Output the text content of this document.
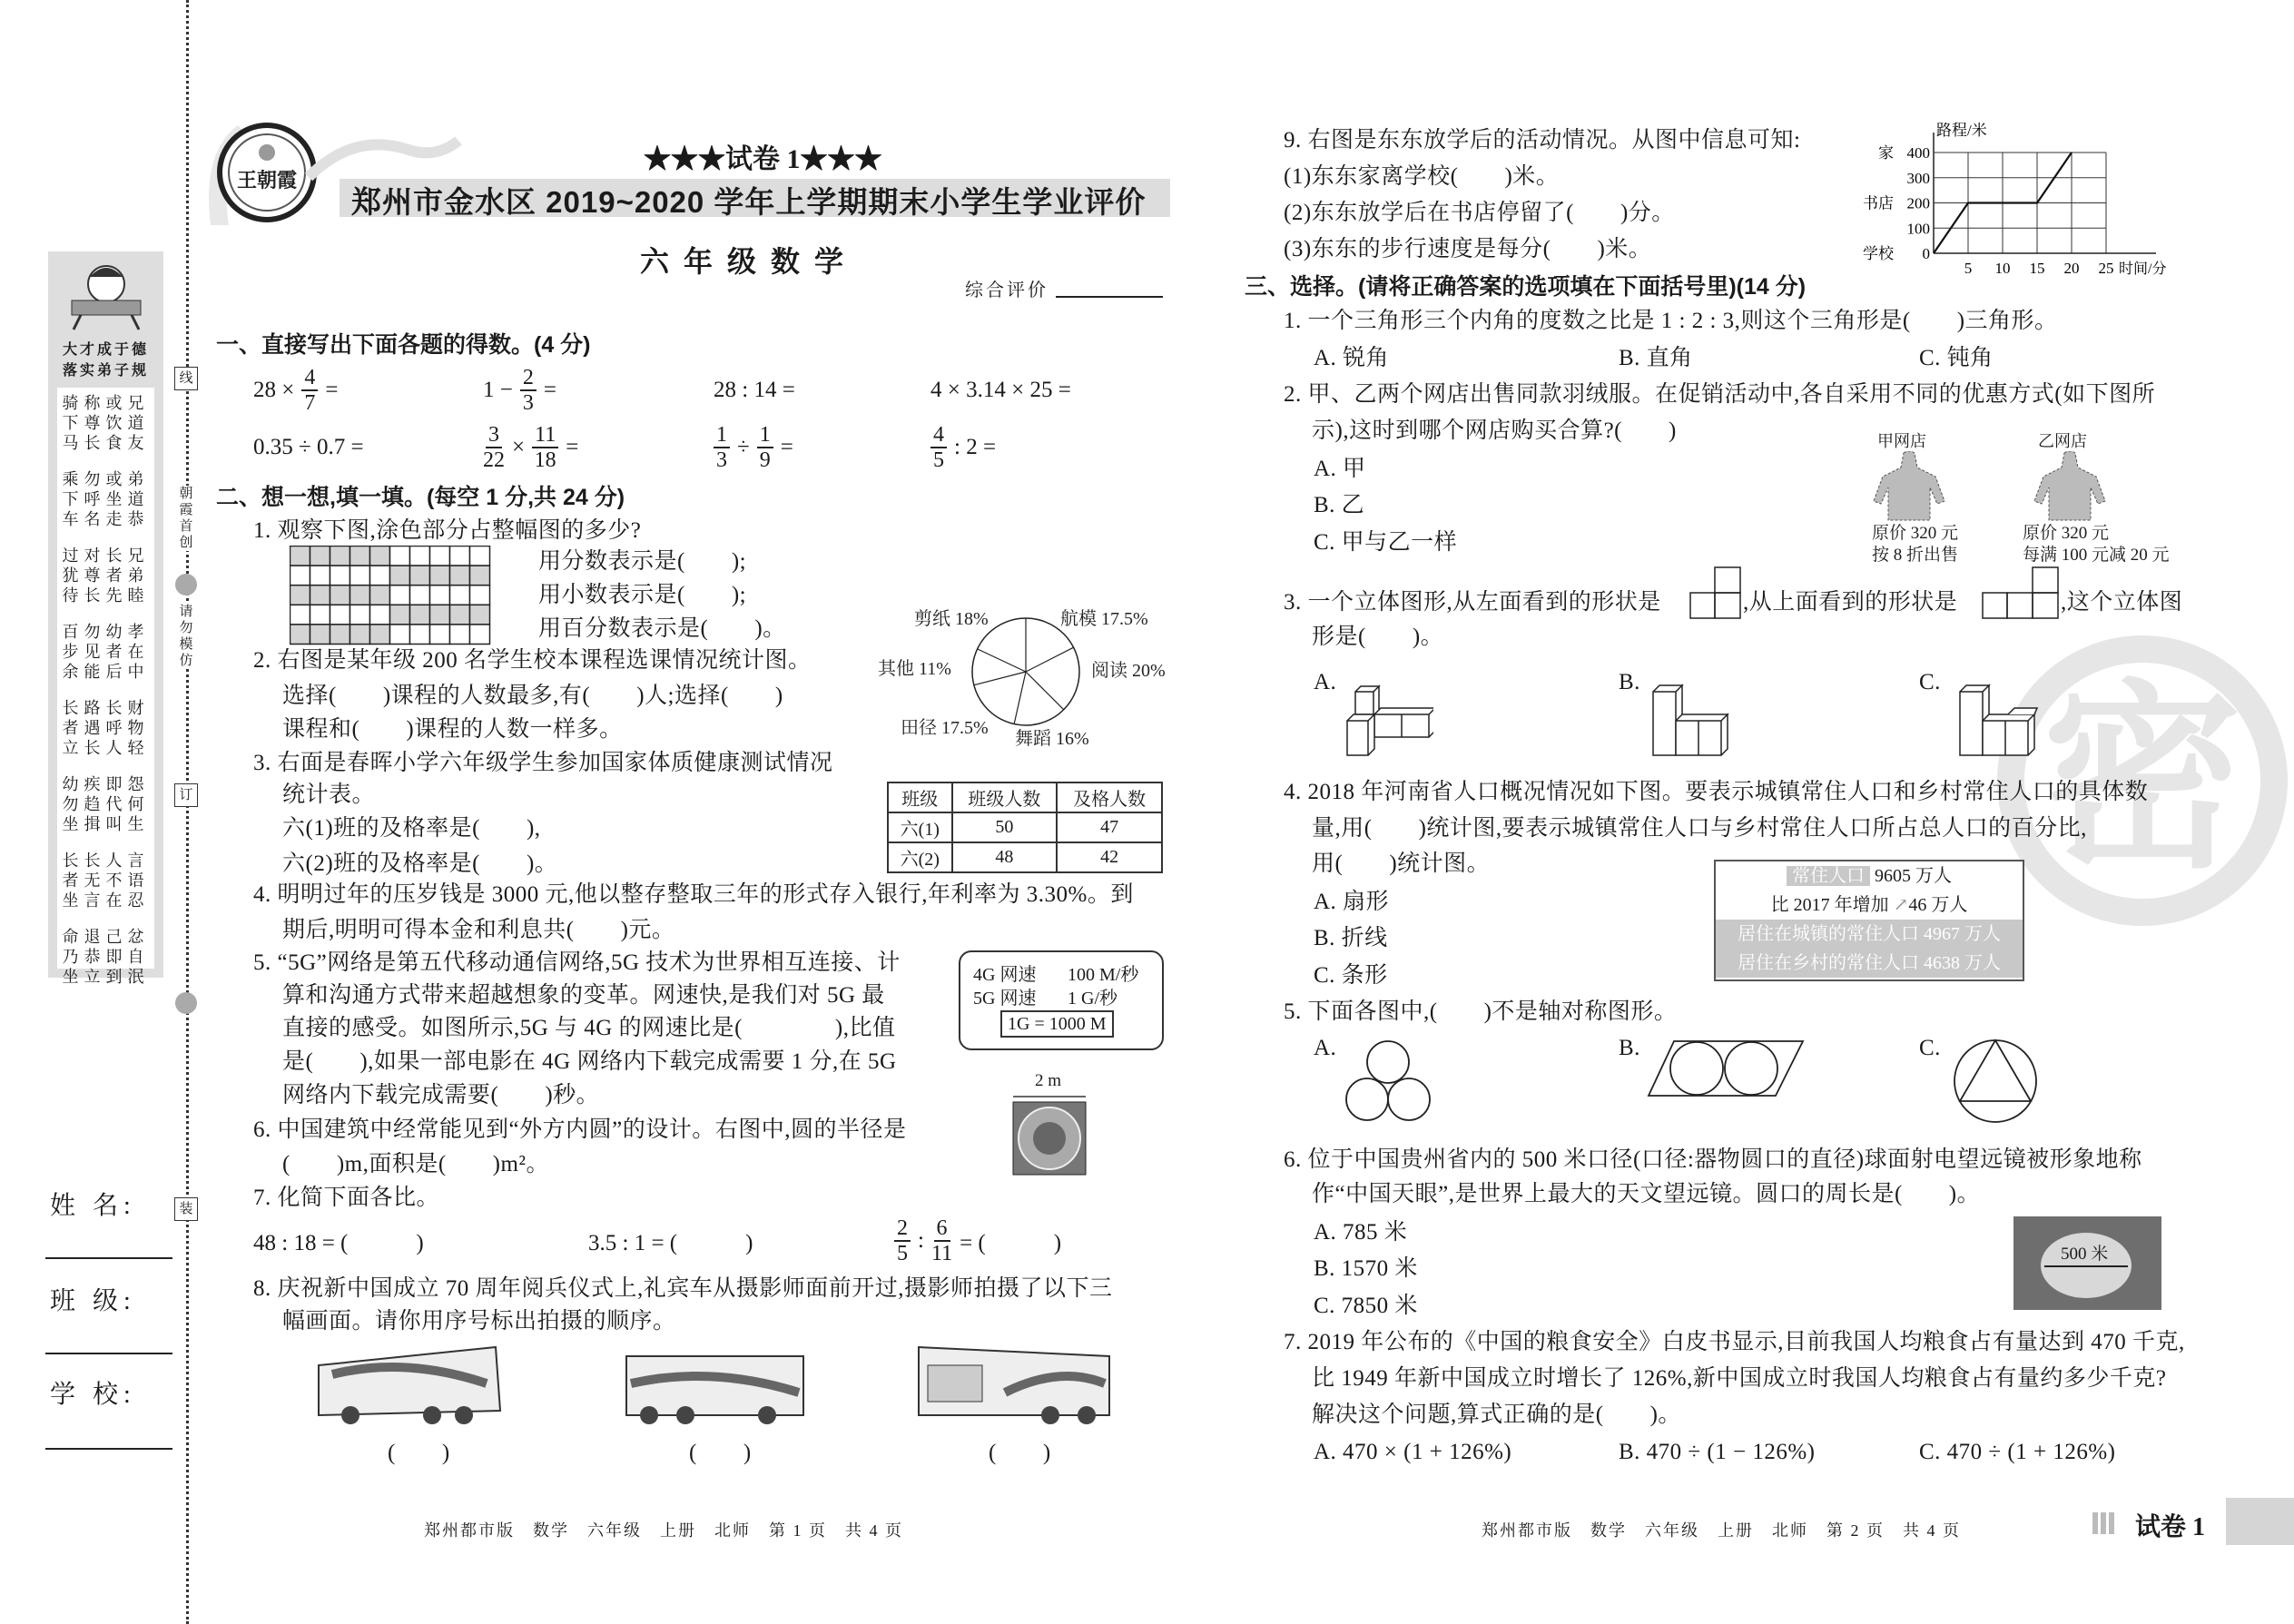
线
朝霞首创
请勿模仿
订
装
大才成于德
落实弟子规
骑称或兄
下尊饮道
马长食友
乘勿或弟
下呼坐道
车名走恭
过对长兄
犹尊者弟
待长先睦
百勿幼孝
步见者在
余能后中
长路长财
者遇呼物
立长人轻
幼疾即怨
勿趋代何
坐揖叫生
长长人言
者无不语
坐言在忍
命退己忿
乃恭即自
坐立到泯
姓 名:
班 级:
学 校:
王朝霞
★★★试卷 1★★★
郑州市金水区 2019~2020 学年上学期期末小学生学业评价
六 年 级 数 学
综合评价
一、直接写出下面各题的得数。(4 分)
二、想一想,填一填。(每空 1 分,共 24 分)
1. 观察下图,涂色部分占整幅图的多少?
用分数表示是(　　);
用小数表示是(　　);
用百分数表示是(　　)。
2. 右图是某年级 200 名学生校本课程选课情况统计图。
选择(　　)课程的人数最多,有(　　)人;选择(　　)
课程和(　　)课程的人数一样多。
航模 17.5%
阅读 20%
舞蹈 16%
田径 17.5%
其他 11%
剪纸 18%
3. 右面是春晖小学六年级学生参加国家体质健康测试情况
统计表。
六(1)班的及格率是(　　),
六(2)班的及格率是(　　)。
班级	班级人数	及格人数
六(1)	50	47
六(2)	48	42
4. 明明过年的压岁钱是 3000 元,他以整存整取三年的形式存入银行,年利率为 3.30%。到
期后,明明可得本金和利息共(　　)元。
5. “5G”网络是第五代移动通信网络,5G 技术为世界相互连接、计
算和沟通方式带来超越想象的变革。网速快,是我们对 5G 最
直接的感受。如图所示,5G 与 4G 的网速比是(　　　　),比值
是(　　),如果一部电影在 4G 网络内下载完成需要 1 分,在 5G
网络内下载完成需要(　　)秒。
4G 网速 100 M/秒
5G 网速 1 G/秒
1G = 1000 M
6. 中国建筑中经常能见到“外方内圆”的设计。右图中,圆的半径是
(　　)m,面积是(　　)m²。
2 m
7. 化简下面各比。
8. 庆祝新中国成立 70 周年阅兵仪式上,礼宾车从摄影师面前开过,摄影师拍摄了以下三
幅画面。请你用序号标出拍摄的顺序。
(　　)	(　　)	(　　)
郑州都市版　数学　六年级　上册　北师　第 1 页　共 4 页
密
9. 右图是东东放学后的活动情况。从图中信息可知:
(1)东东家离学校(　　)米。
(2)东东放学后在书店停留了(　　)分。
(3)东东的步行速度是每分(　　)米。
5 10 15 20 25
0
100
200
300
400
路程/米
时间/分
家
书店
学校
三、选择。(请将正确答案的选项填在下面括号里)(14 分)
1. 一个三角形三个内角的度数之比是 1 : 2 : 3,则这个三角形是(　　)三角形。
A. 锐角	B. 直角	C. 钝角
2. 甲、乙两个网店出售同款羽绒服。在促销活动中,各自采用不同的优惠方式(如下图所
示),这时到哪个网店购买合算?(　　)
A. 甲
B. 乙
C. 甲与乙一样
甲网店	乙网店
原价 320 元
按 8 折出售
原价 320 元
每满 100 元减 20 元
3. 一个立体图形,从左面看到的形状是	,从上面看到的形状是	,这个立体图
形是(　　)。
A.	B.	C.
4. 2018 年河南省人口概况情况如下图。要表示城镇常住人口和乡村常住人口的具体数
量,用(　　)统计图,要表示城镇常住人口与乡村常住人口所占总人口的百分比,
用(　　)统计图。
A. 扇形
B. 折线
C. 条形
常住人口 9605 万人
比 2017 年增加 ↗46 万人
居住在城镇的常住人口 4967 万人
居住在乡村的常住人口 4638 万人
5. 下面各图中,(　　)不是轴对称图形。
A.	B.	C.
6. 位于中国贵州省内的 500 米口径(口径:器物圆口的直径)球面射电望远镜被形象地称
作“中国天眼”,是世界上最大的天文望远镜。圆口的周长是(　　)。
A. 785 米
B. 1570 米
C. 7850 米
500 米
7. 2019 年公布的《中国的粮食安全》白皮书显示,目前我国人均粮食占有量达到 470 千克,
比 1949 年新中国成立时增长了 126%,新中国成立时我国人均粮食占有量约多少千克?
解决这个问题,算式正确的是(　　)。
A. 470 × (1 + 126%)	B. 470 ÷ (1 − 126%)	C. 470 ÷ (1 + 126%)
郑州都市版　数学　六年级　上册　北师　第 2 页　共 4 页	试卷 1
$28 \times \frac{4}{7}$ =	$1 - \frac{2}{3}$ =	28 : 14 =	4 × 3.14 × 25 =
0.35 ÷ 0.7 =	$\frac{3}{22} \times \frac{11}{18}$ =	$\frac{1}{3} \div \frac{1}{9}$ =	$\frac{4}{5}$ : 2 =
48 : 18 = (　　　)	3.5 : 1 = (　　　)	$\frac{2}{5}$ : $\frac{6}{11}$ = (　　　)
